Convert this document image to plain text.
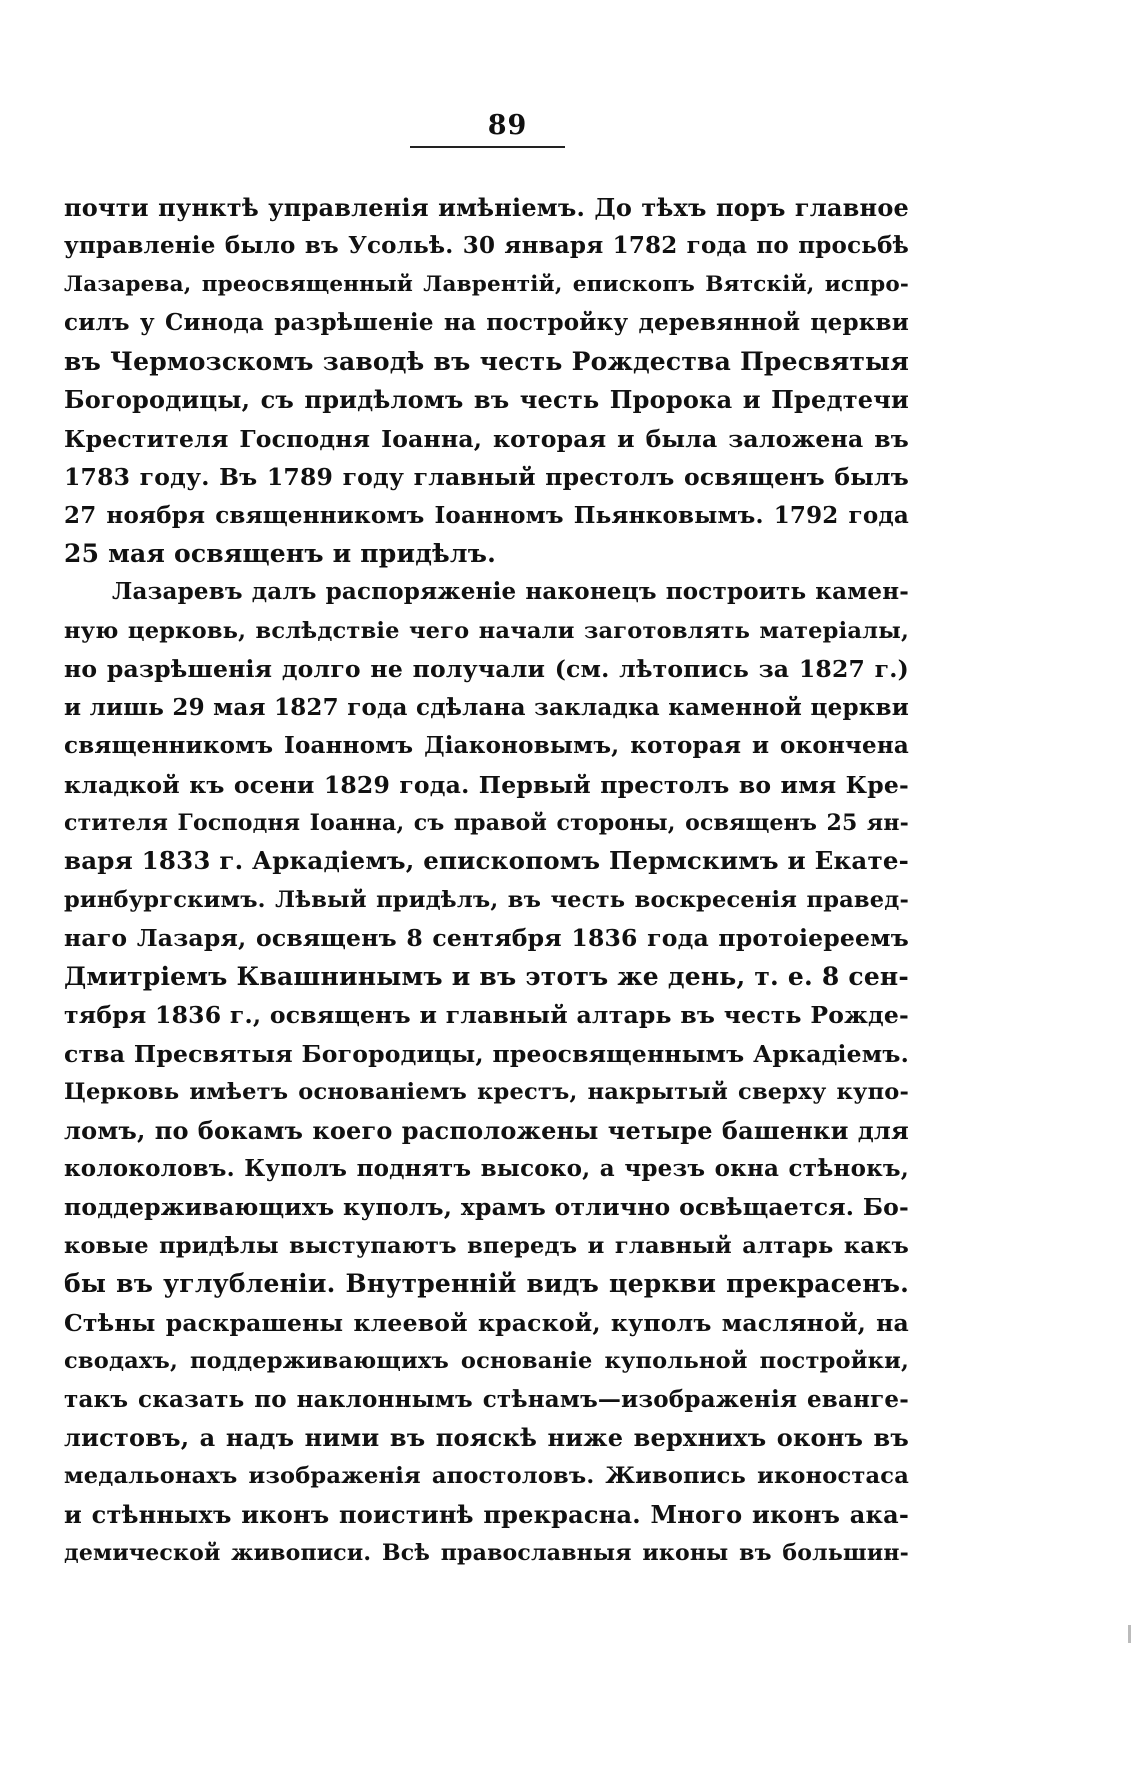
89
почти пунктѣ управленія имѣніемъ. До тѣхъ поръ главное
управленіе было въ Усольѣ. 30 января 1782 года по просьбѣ
Лазарева, преосвященный Лаврентій, епископъ Вятскій, испро-
силъ у Синода разрѣшеніе на постройку деревянной церкви
въ Чермозскомъ заводѣ въ честь Рождества Пресвятыя
Богородицы, съ придѣломъ въ честь Пророка и Предтечи
Крестителя Господня Іоанна, которая и была заложена въ
1783 году. Въ 1789 году главный престолъ освященъ былъ
27 ноября священникомъ Іоанномъ Пьянковымъ. 1792 года
25 мая освященъ и придѣлъ.
Лазаревъ далъ распоряженіе наконецъ построить камен-
ную церковь, вслѣдствіе чего начали заготовлять матеріалы,
но разрѣшенія долго не получали (см. лѣтопись за 1827 г.)
и лишь 29 мая 1827 года сдѣлана закладка каменной церкви
священникомъ Іоанномъ Діаконовымъ, которая и окончена
кладкой къ осени 1829 года. Первый престолъ во имя Кре-
стителя Господня Іоанна, съ правой стороны, освященъ 25 ян-
варя 1833 г. Аркадіемъ, епископомъ Пермскимъ и Екате-
ринбургскимъ. Лѣвый придѣлъ, въ честь воскресенія правед-
наго Лазаря, освященъ 8 сентября 1836 года протоіереемъ
Дмитріемъ Квашнинымъ и въ этотъ же день, т. е. 8 сен-
тября 1836 г., освященъ и главный алтарь въ честь Рожде-
ства Пресвятыя Богородицы, преосвященнымъ Аркадіемъ.
Церковь имѣетъ основаніемъ крестъ, накрытый сверху купо-
ломъ, по бокамъ коего расположены четыре башенки для
колоколовъ. Куполъ поднятъ высоко, а чрезъ окна стѣнокъ,
поддерживающихъ куполъ, храмъ отлично освѣщается. Бо-
ковые придѣлы выступаютъ впередъ и главный алтарь какъ
бы въ углубленіи. Внутренній видъ церкви прекрасенъ.
Стѣны раскрашены клеевой краской, куполъ масляной, на
сводахъ, поддерживающихъ основаніе купольной постройки,
такъ сказать по наклоннымъ стѣнамъ—изображенія еванге-
листовъ, а надъ ними въ пояскѣ ниже верхнихъ оконъ въ
медальонахъ изображенія апостоловъ. Живопись иконостаса
и стѣнныхъ иконъ поистинѣ прекрасна. Много иконъ ака-
демической живописи. Всѣ православныя иконы въ большин-
